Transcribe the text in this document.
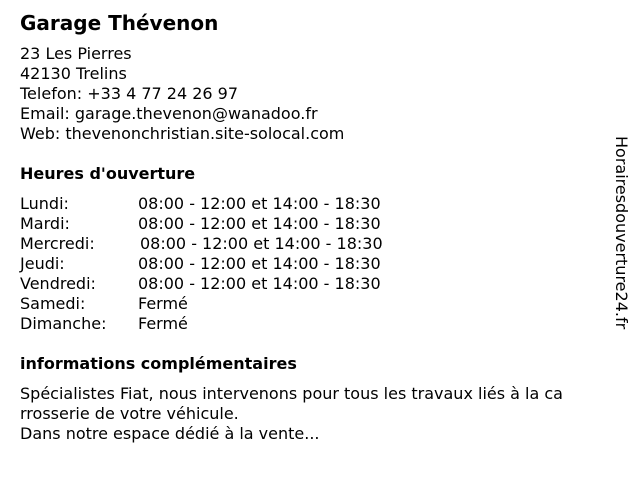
Garage Thévenon
23 Les Pierres
42130 Trelins
Telefon: +33 4 77 24 26 97
Email: garage.thevenon@wanadoo.fr
Web: thevenonchristian.site-solocal.com
Heures d'ouverture
Lundi:	08:00 - 12:00 et 14:00 - 18:30
Mardi:	08:00 - 12:00 et 14:00 - 18:30
Mercredi:	08:00 - 12:00 et 14:00 - 18:30
Jeudi:	08:00 - 12:00 et 14:00 - 18:30
Vendredi:	08:00 - 12:00 et 14:00 - 18:30
Samedi:	Fermé
Dimanche: Fermé
informations complémentaires
Spécialistes Fiat, nous intervenons pour tous les travaux liés à la ca
rrosserie de votre véhicule.
Dans notre espace dédié à la vente...
Horairesdouverture24.fr
